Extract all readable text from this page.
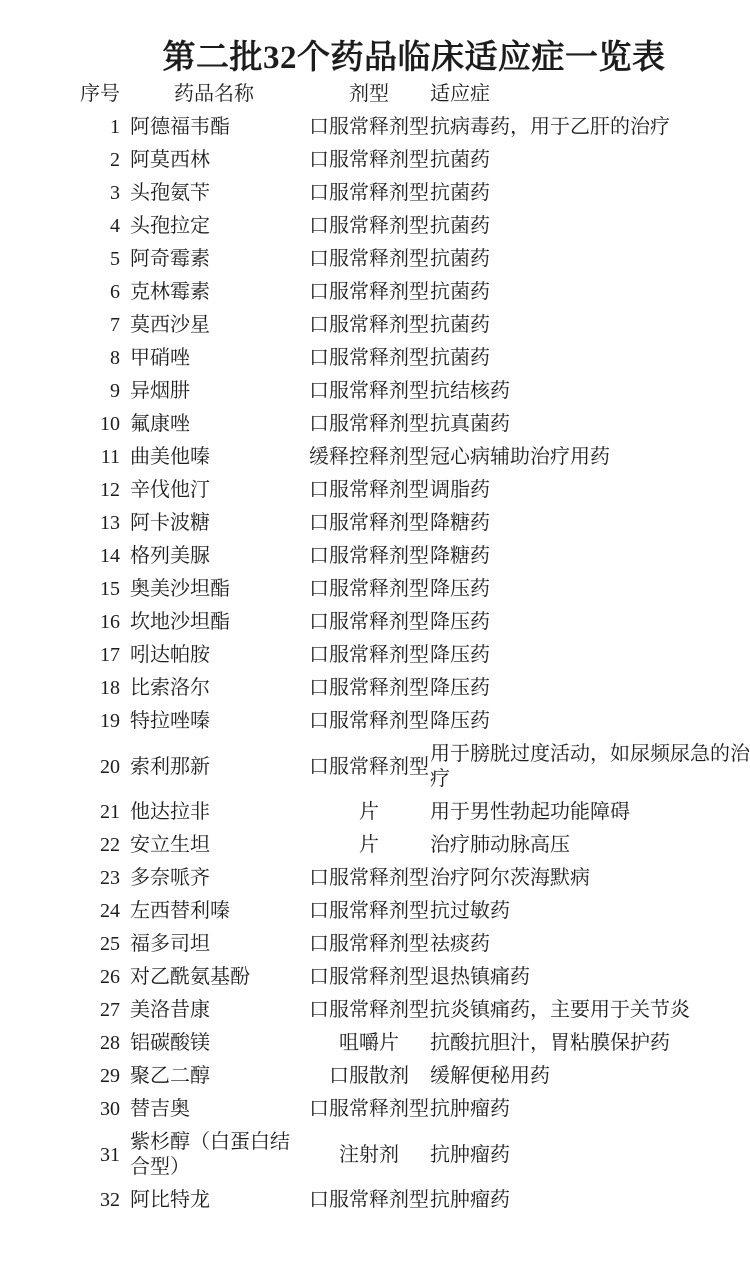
第二批32个药品临床适应症一览表
序号	药品名称	剂型	适应症
1	阿德福韦酯	口服常释剂型	抗病毒药，用于乙肝的治疗
2	阿莫西林	口服常释剂型	抗菌药
3	头孢氨苄	口服常释剂型	抗菌药
4	头孢拉定	口服常释剂型	抗菌药
5	阿奇霉素	口服常释剂型	抗菌药
6	克林霉素	口服常释剂型	抗菌药
7	莫西沙星	口服常释剂型	抗菌药
8	甲硝唑	口服常释剂型	抗菌药
9	异烟肼	口服常释剂型	抗结核药
10	氟康唑	口服常释剂型	抗真菌药
11	曲美他嗪	缓释控释剂型	冠心病辅助治疗用药
12	辛伐他汀	口服常释剂型	调脂药
13	阿卡波糖	口服常释剂型	降糖药
14	格列美脲	口服常释剂型	降糖药
15	奥美沙坦酯	口服常释剂型	降压药
16	坎地沙坦酯	口服常释剂型	降压药
17	吲达帕胺	口服常释剂型	降压药
18	比索洛尔	口服常释剂型	降压药
19	特拉唑嗪	口服常释剂型	降压药
20	索利那新	口服常释剂型	用于膀胱过度活动，如尿频尿急的治疗
21	他达拉非	片	用于男性勃起功能障碍
22	安立生坦	片	治疗肺动脉高压
23	多奈哌齐	口服常释剂型	治疗阿尔茨海默病
24	左西替利嗪	口服常释剂型	抗过敏药
25	福多司坦	口服常释剂型	祛痰药
26	对乙酰氨基酚	口服常释剂型	退热镇痛药
27	美洛昔康	口服常释剂型	抗炎镇痛药，主要用于关节炎
28	铝碳酸镁	咀嚼片	抗酸抗胆汁，胃粘膜保护药
29	聚乙二醇	口服散剂	缓解便秘用药
30	替吉奥	口服常释剂型	抗肿瘤药
31	紫杉醇（白蛋白结合型）	注射剂	抗肿瘤药
32	阿比特龙	口服常释剂型	抗肿瘤药
